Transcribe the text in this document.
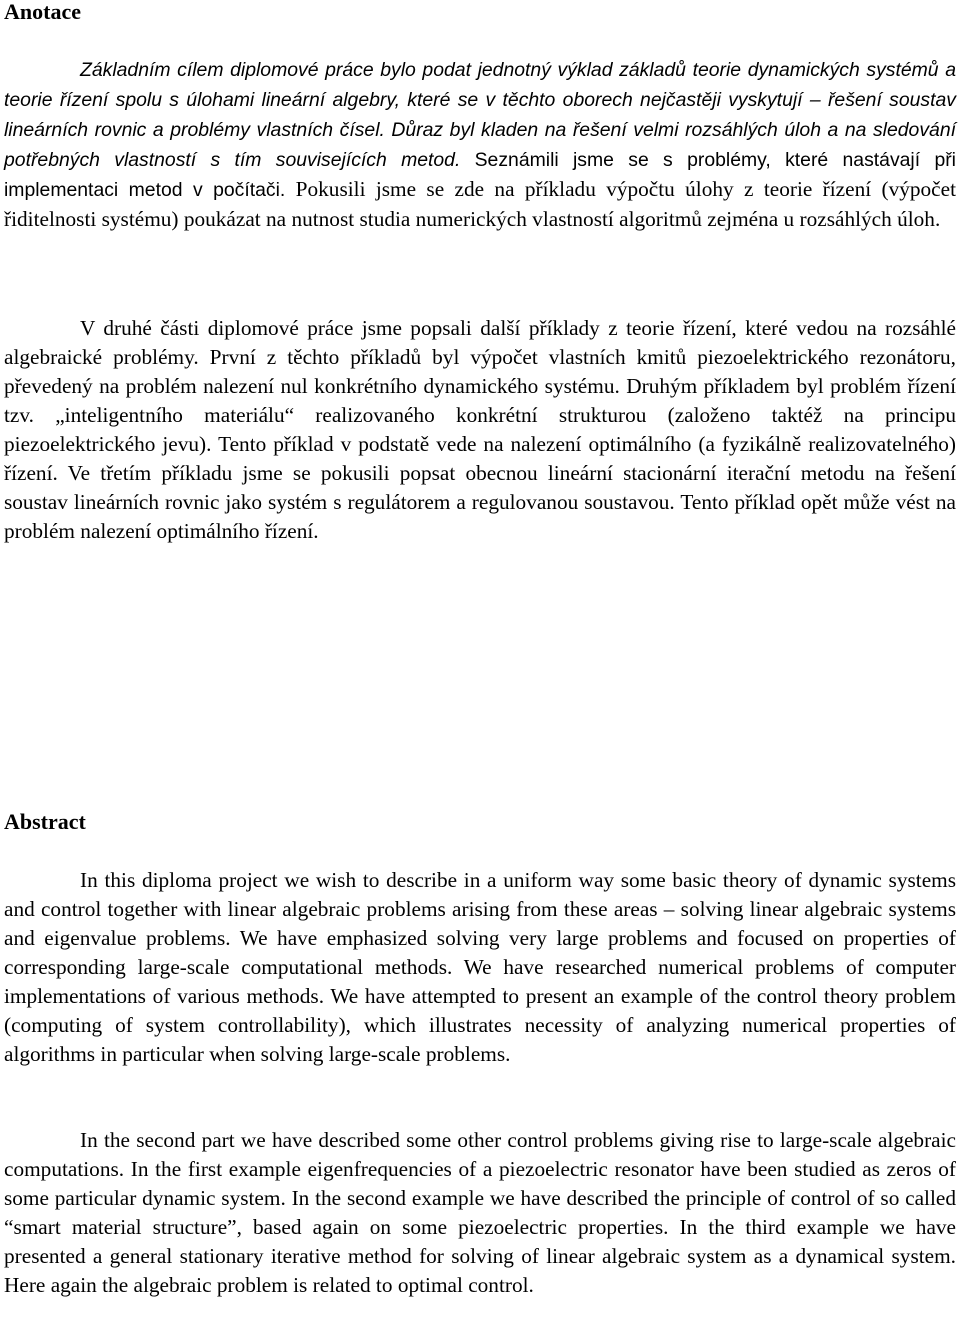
Anotace

Základním cílem diplomové práce bylo podat jednotný výklad základů teorie dynamických systémů a teorie řízení spolu s úlohami lineární algebry, které se v těchto oborech nejčastěji vyskytují – řešení soustav lineárních rovnic a problémy vlastních čísel. Důraz byl kladen na řešení velmi rozsáhlých úloh a na sledování potřebných vlastností s tím souvisejících metod. Seznámili jsme se s problémy, které nastávají při implementaci metod v počítači. Pokusili jsme se zde na příkladu výpočtu úlohy z teorie řízení (výpočet řiditelnosti systému) poukázat na nutnost studia numerických vlastností algoritmů zejména u rozsáhlých úloh.

V druhé části diplomové práce jsme popsali další příklady z teorie řízení, které vedou na rozsáhlé algebraické problémy. První z těchto příkladů byl výpočet vlastních kmitů piezoelektrického rezonátoru, převedený na problém nalezení nul konkrétního dynamického systému. Druhým příkladem byl problém řízení tzv. „inteligentního materiálu“ realizovaného konkrétní strukturou (založeno taktéž na principu piezoelektrického jevu). Tento příklad v podstatě vede na nalezení optimálního (a fyzikálně realizovatelného) řízení. Ve třetím příkladu jsme se pokusili popsat obecnou lineární stacionární iterační metodu na řešení soustav lineárních rovnic jako systém s regulátorem a regulovanou soustavou. Tento příklad opět může vést na problém nalezení optimálního řízení.

Abstract

In this diploma project we wish to describe in a uniform way some basic theory of dynamic systems and control together with linear algebraic problems arising from these areas – solving linear algebraic systems and eigenvalue problems. We have emphasized solving very large problems and focused on properties of corresponding large-scale computational methods. We have researched numerical problems of computer implementations of various methods. We have attempted to present an example of the control theory problem (computing of system controllability), which illustrates necessity of analyzing numerical properties of algorithms in particular when solving large-scale problems.

In the second part we have described some other control problems giving rise to large-scale algebraic computations. In the first example eigenfrequencies of a piezoelectric resonator have been studied as zeros of some particular dynamic system. In the second example we have described the principle of control of so called “smart material structure”, based again on some piezoelectric properties. In the third example we have presented a general stationary iterative method for solving of linear algebraic system as a dynamical system. Here again the algebraic problem is related to optimal control.
